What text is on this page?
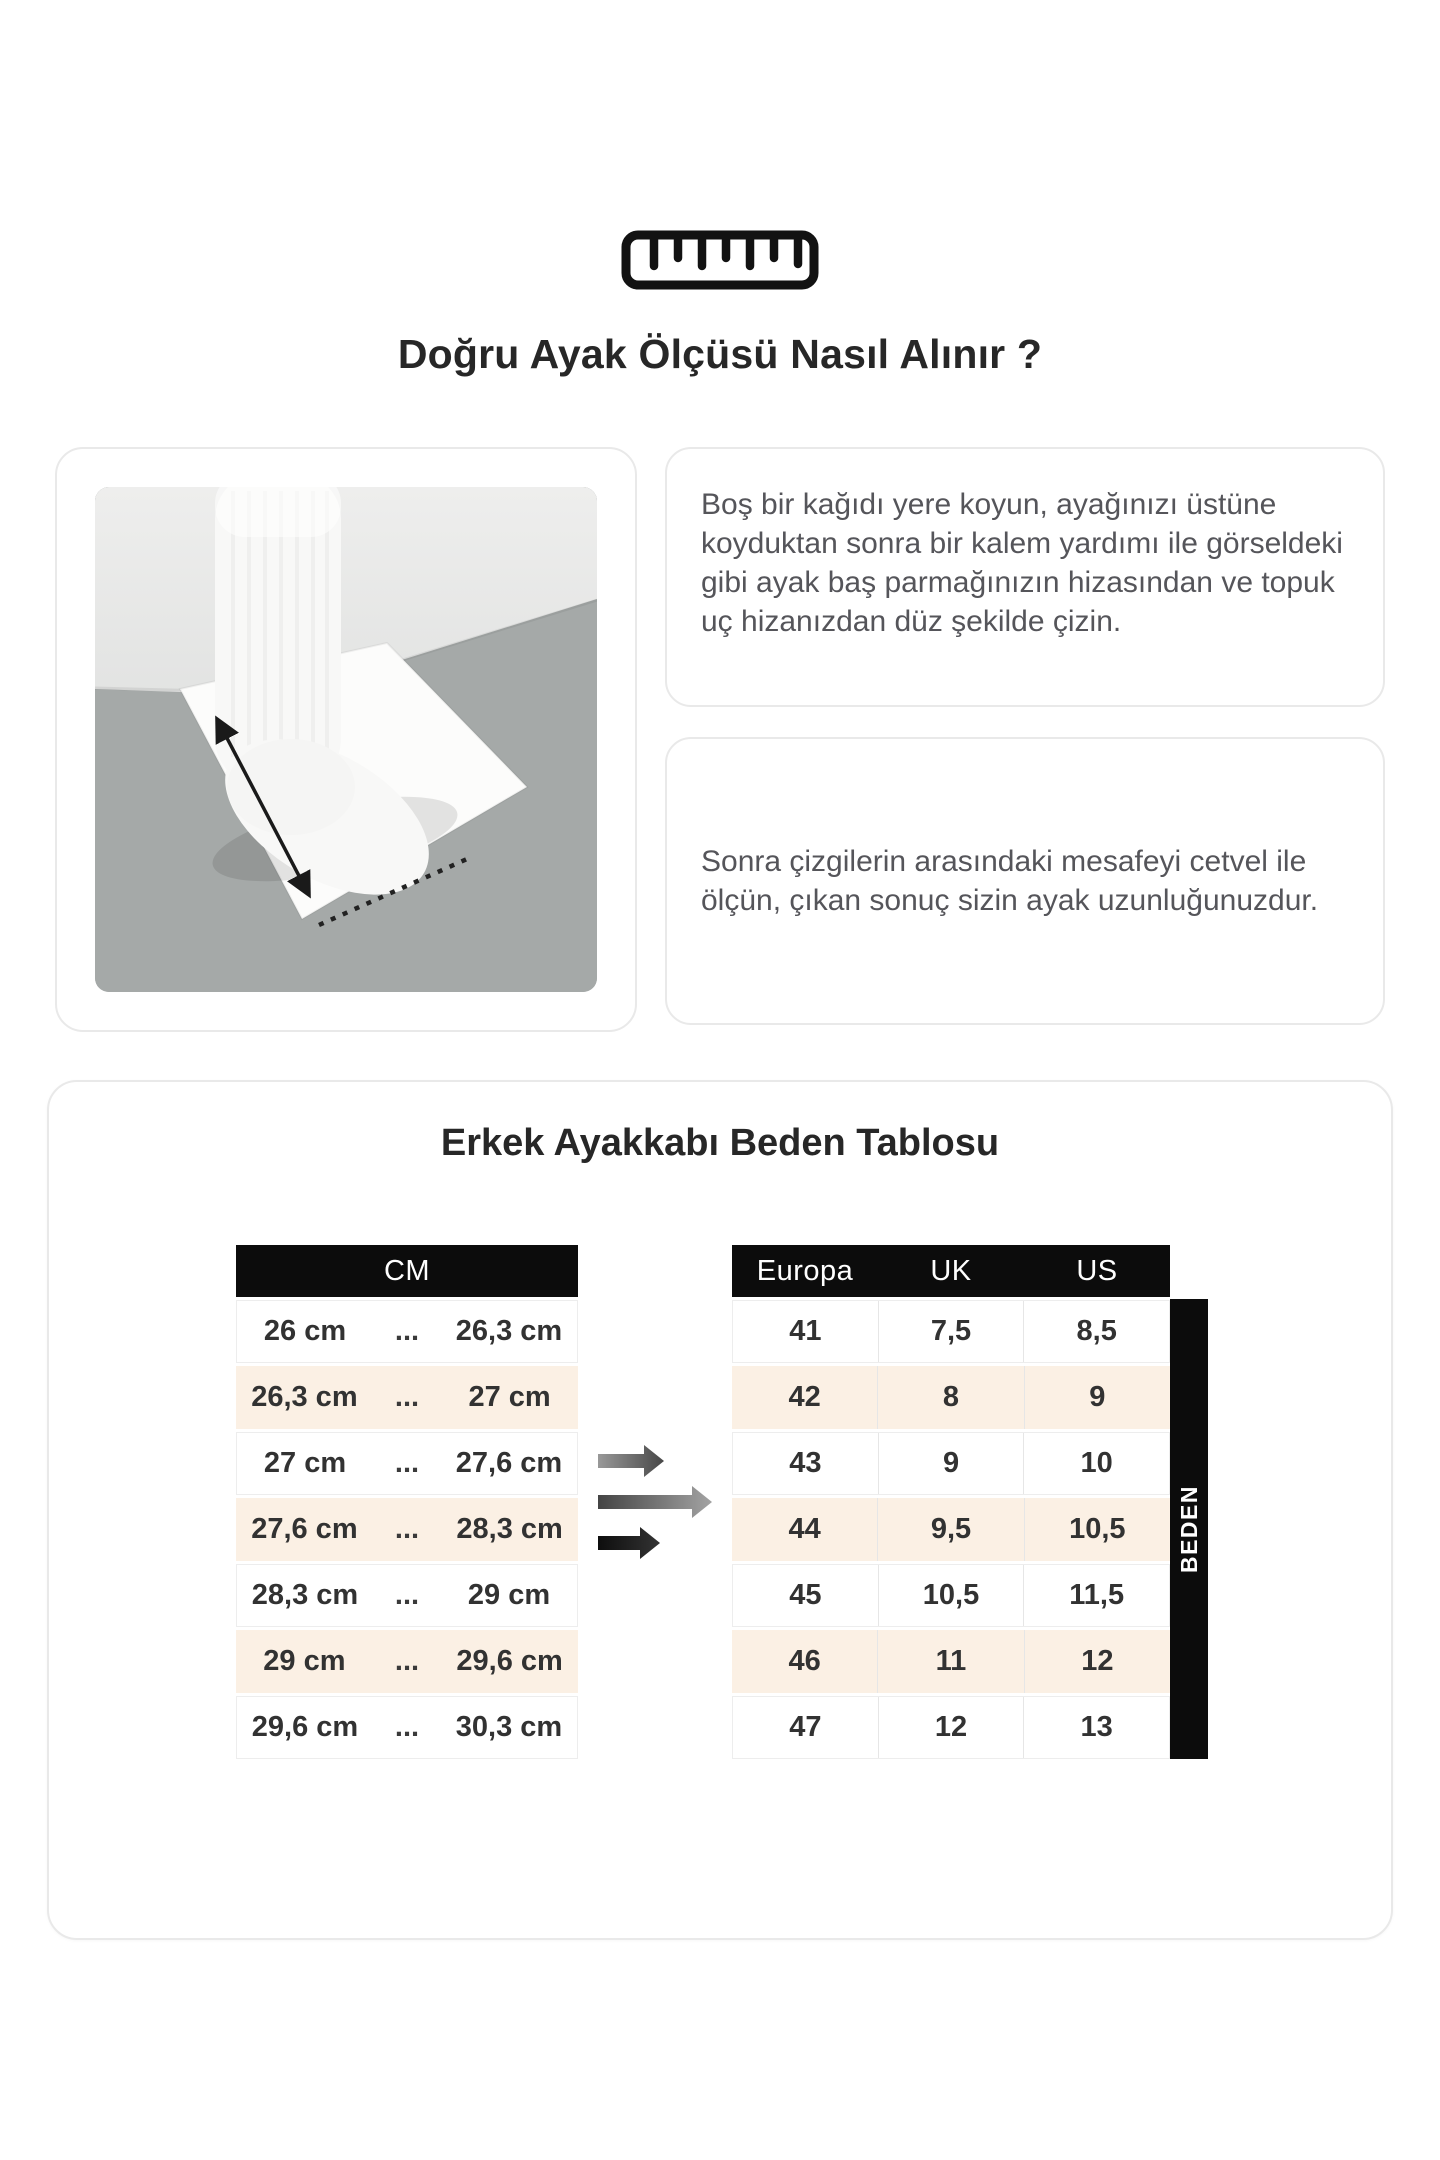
Doğru Ayak Ölçüsü Nasıl Alınır ?
Boş bir kağıdı yere koyun, ayağınızı üstüne koyduktan sonra bir kalem yardımı ile görseldeki gibi ayak baş parmağınızın hizasından ve topuk uç hizanızdan düz şekilde çizin.
Sonra çizgilerin arasındaki mesafeyi cetvel ile ölçün, çıkan sonuç sizin ayak uzunluğunuzdur.
Erkek Ayakkabı Beden Tablosu
CM
26 cm	...	26,3 cm
26,3 cm	...	27 cm
27 cm	...	27,6 cm
27,6 cm	...	28,3 cm
28,3 cm	...	29 cm
29 cm	...	29,6 cm
29,6 cm	...	30,3 cm
Europa	UK	US
41	7,5	8,5
42	8	9
43	9	10
44	9,5	10,5
45	10,5	11,5
46	11	12
47	12	13
BEDEN
